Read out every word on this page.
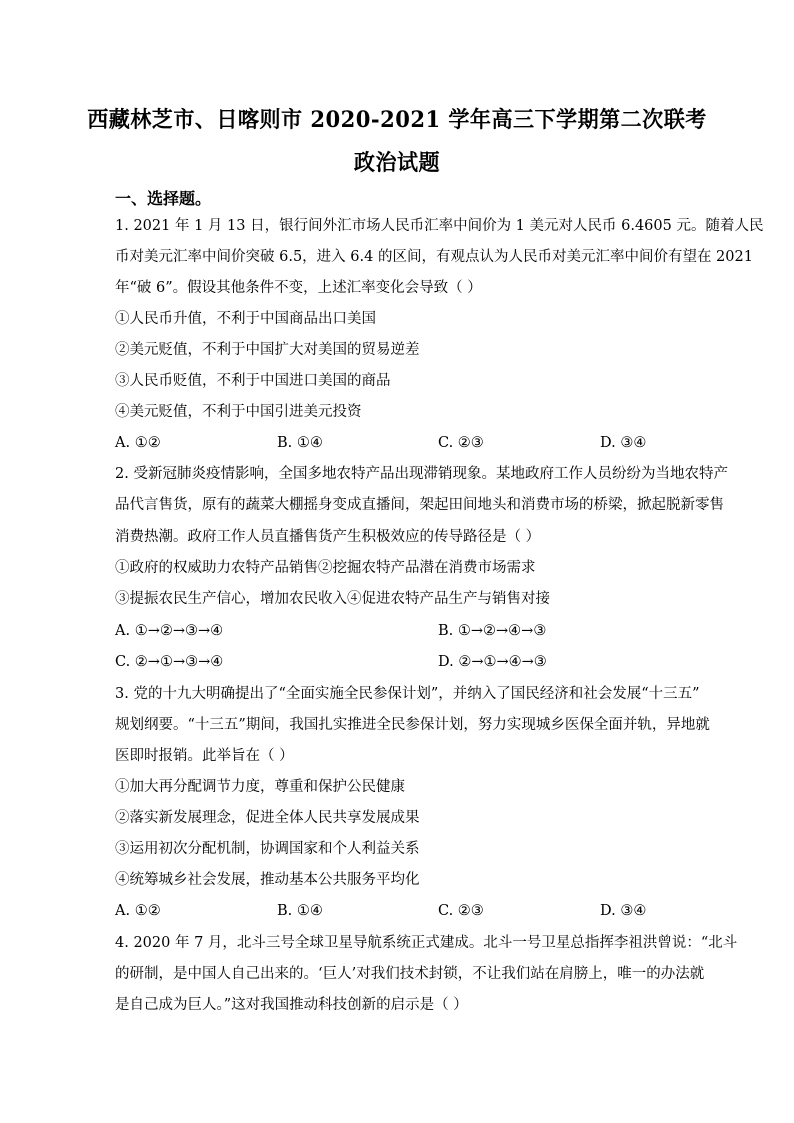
西藏林芝市、日喀则市 2020-2021 学年高三下学期第二次联考
政治试题
一、选择题。
1. 2021 年 1 月 13 日，银行间外汇市场人民币汇率中间价为 1 美元对人民币 6.4605 元。随着人民
币对美元汇率中间价突破 6.5，进入 6.4 的区间，有观点认为人民币对美元汇率中间价有望在 2021
年“破 6”。假设其他条件不变，上述汇率变化会导致（ ）
①人民币升值，不利于中国商品出口美国
②美元贬值，不利于中国扩大对美国的贸易逆差
③人民币贬值，不利于中国进口美国的商品
④美元贬值，不利于中国引进美元投资
A. ①②	B. ①④	C. ②③	D. ③④
2. 受新冠肺炎疫情影响，全国多地农特产品出现滞销现象。某地政府工作人员纷纷为当地农特产
品代言售货，原有的蔬菜大棚摇身变成直播间，架起田间地头和消费市场的桥梁，掀起脱新零售
消费热潮。政府工作人员直播售货产生积极效应的传导路径是（ ）
①政府的权威助力农特产品销售②挖掘农特产品潜在消费市场需求
③提振农民生产信心，增加农民收入④促进农特产品生产与销售对接
A. ①→②→③→④	B. ①→②→④→③
C. ②→①→③→④	D. ②→①→④→③
3. 党的十九大明确提出了“全面实施全民参保计划”，并纳入了国民经济和社会发展“十三五”
规划纲要。“十三五”期间，我国扎实推进全民参保计划，努力实现城乡医保全面并轨，异地就
医即时报销。此举旨在（ ）
①加大再分配调节力度，尊重和保护公民健康
②落实新发展理念，促进全体人民共享发展成果
③运用初次分配机制，协调国家和个人利益关系
④统筹城乡社会发展，推动基本公共服务平均化
A. ①②	B. ①④	C. ②③	D. ③④
4. 2020 年 7 月，北斗三号全球卫星导航系统正式建成。北斗一号卫星总指挥李祖洪曾说：“北斗
的研制，是中国人自己出来的。‘巨人’对我们技术封锁，不让我们站在肩膀上，唯一的办法就
是自己成为巨人。”这对我国推动科技创新的启示是（ ）
